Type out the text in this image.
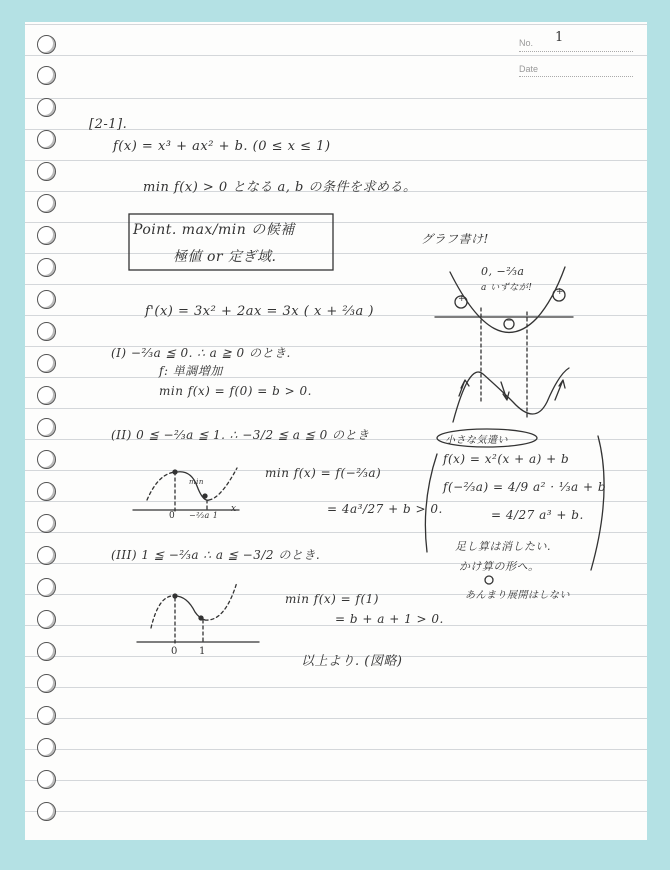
No. 1
Date
[2-1].
f(x) = x³ + ax² + b. (0 ≤ x ≤ 1)
min f(x) > 0 となる a, b の条件を求める。
Point. max/min の候補
極値 or 定ぎ域.
グラフ書け!
0, −⅔a
a いずなが!
+
+
−
f'(x) = 3x² + 2ax = 3x ( x + ⅔a )
(I) −⅔a ≦ 0. ∴ a ≧ 0 のとき.
f: 単調増加
min f(x) = f(0) = b > 0.
(II) 0 ≦ −⅔a ≦ 1. ∴ −3/2 ≦ a ≦ 0 のとき
min f(x) = f(−⅔a)
= 4a³/27 + b > 0.
min
0 −⅔a 1
x
(III) 1 ≦ −⅔a ∴ a ≦ −3/2 のとき.
min f(x) = f(1)
= b + a + 1 > 0.
0 1
以上より. (図略)
小さな気遣い
f(x) = x²(x + a) + b
f(−⅔a) = 4/9 a² · ⅓a + b
= 4/27 a³ + b.
足し算は消したい.
かけ算の形へ。
あんまり展開はしない
